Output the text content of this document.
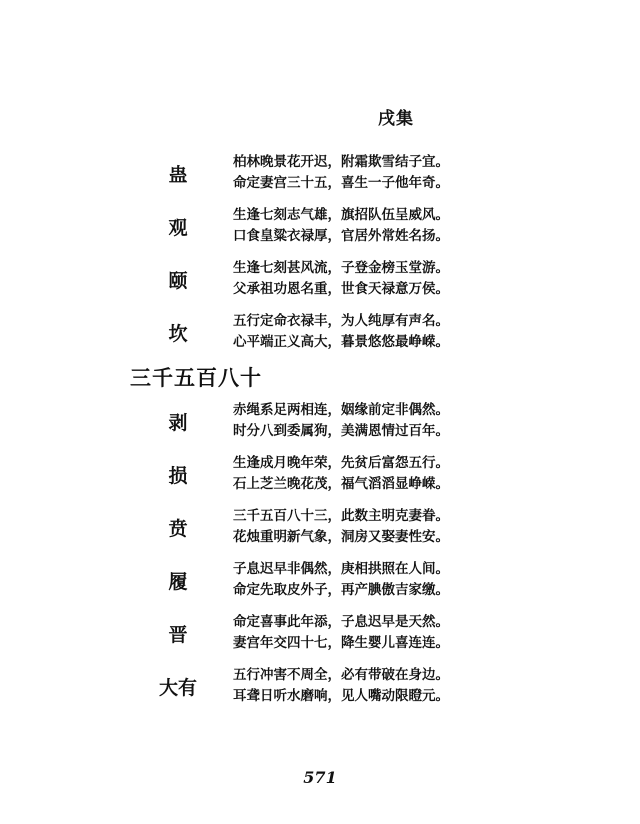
戌集
蛊
柏林晚景花开迟，附霜欺雪结子宜。
命定妻宫三十五，喜生一子他年奇。
观
生逢七刻志气雄，旗招队伍呈威风。
口食皇粱衣禄厚，官居外常姓名扬。
颐
生逢七刻甚风流，子登金榜玉堂游。
父承祖功恩名重，世食天禄意万侯。
坎
五行定命衣禄丰，为人纯厚有声名。
心平端正义高大，暮景悠悠最峥嵘。
三千五百八十
剥
赤绳系足两相连，姻缘前定非偶然。
时分八到委属狗，美满恩情过百年。
损
生逢成月晚年荣，先贫后富怨五行。
石上芝兰晚花茂，福气滔滔显峥嵘。
贲
三千五百八十三，此数主明克妻眷。
花烛重明新气象，洞房又娶妻性安。
履
子息迟早非偶然，庚相拱照在人间。
命定先取皮外子，再产腆傲吉家缴。
晋
命定喜事此年添，子息迟早是天然。
妻宫年交四十七，降生婴儿喜连连。
大有
五行冲害不周全，必有带破在身边。
耳聋日听水磨响，见人嘴动限瞪元。
571
